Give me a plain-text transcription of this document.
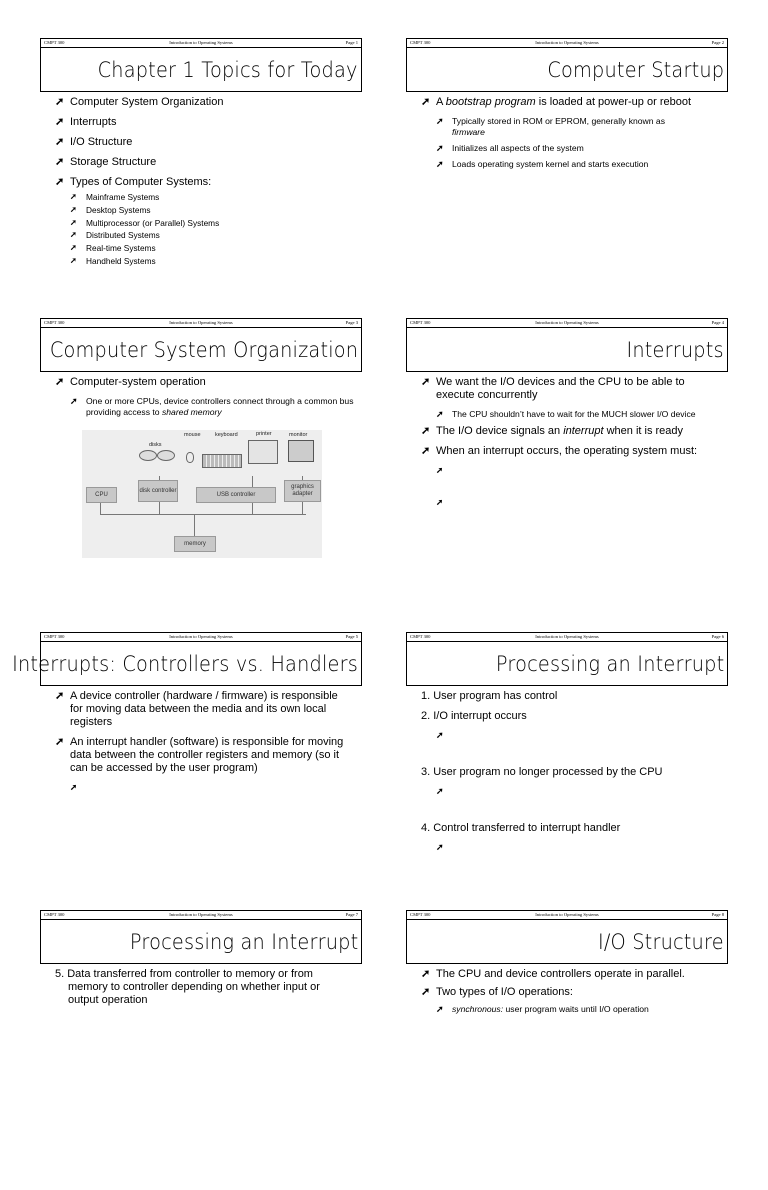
CMPT 300	Introduction to Operating Systems	Page 1
Chapter 1 Topics for Today
➚ Computer System Organization
➚ Interrupts
➚ I/O Structure
➚ Storage Structure
➚ Types of Computer Systems:
➚ Mainframe Systems
➚ Desktop Systems
➚ Multiprocessor (or Parallel) Systems
➚ Distributed Systems
➚ Real-time Systems
➚ Handheld Systems
CMPT 300	Introduction to Operating Systems	Page 2
Computer Startup
➚ A bootstrap program is loaded at power-up or reboot
➚ Typically stored in ROM or EPROM, generally known as
firmware
➚ Initializes all aspects of the system
➚ Loads operating system kernel and starts execution
CMPT 300	Introduction to Operating Systems	Page 3
Computer System Organization
➚ Computer-system operation
➚ One or more CPUs, device controllers connect through a common bus providing access to shared memory
disks
mouse	keyboard	printer	monitor
CPU
disk controller
USB controller
graphics adapter
memory
CMPT 300	Introduction to Operating Systems	Page 4
Interrupts
➚ We want the I/O devices and the CPU to be able to execute concurrently
➚ The CPU shouldn’t have to wait for the MUCH slower I/O device
➚ The I/O device signals an interrupt when it is ready
➚ When an interrupt occurs, the operating system must:
➚
➚
CMPT 300	Introduction to Operating Systems	Page 5
Interrupts: Controllers vs. Handlers
➚ A device controller (hardware / firmware) is responsible for moving data between the media and its own local registers
➚ An interrupt handler (software) is responsible for moving data between the controller registers and memory (so it can be accessed by the user program)
➚
CMPT 300	Introduction to Operating Systems	Page 6
Processing an Interrupt
1. User program has control
2. I/O interrupt occurs
➚
3. User program no longer processed by the CPU
➚
4. Control transferred to interrupt handler
➚
CMPT 300	Introduction to Operating Systems	Page 7
Processing an Interrupt
5. Data transferred from controller to memory or from memory to controller depending on whether input or output operation
CMPT 300	Introduction to Operating Systems	Page 8
I/O Structure
➚ The CPU and device controllers operate in parallel.
➚ Two types of I/O operations:
➚ synchronous: user program waits until I/O operation
